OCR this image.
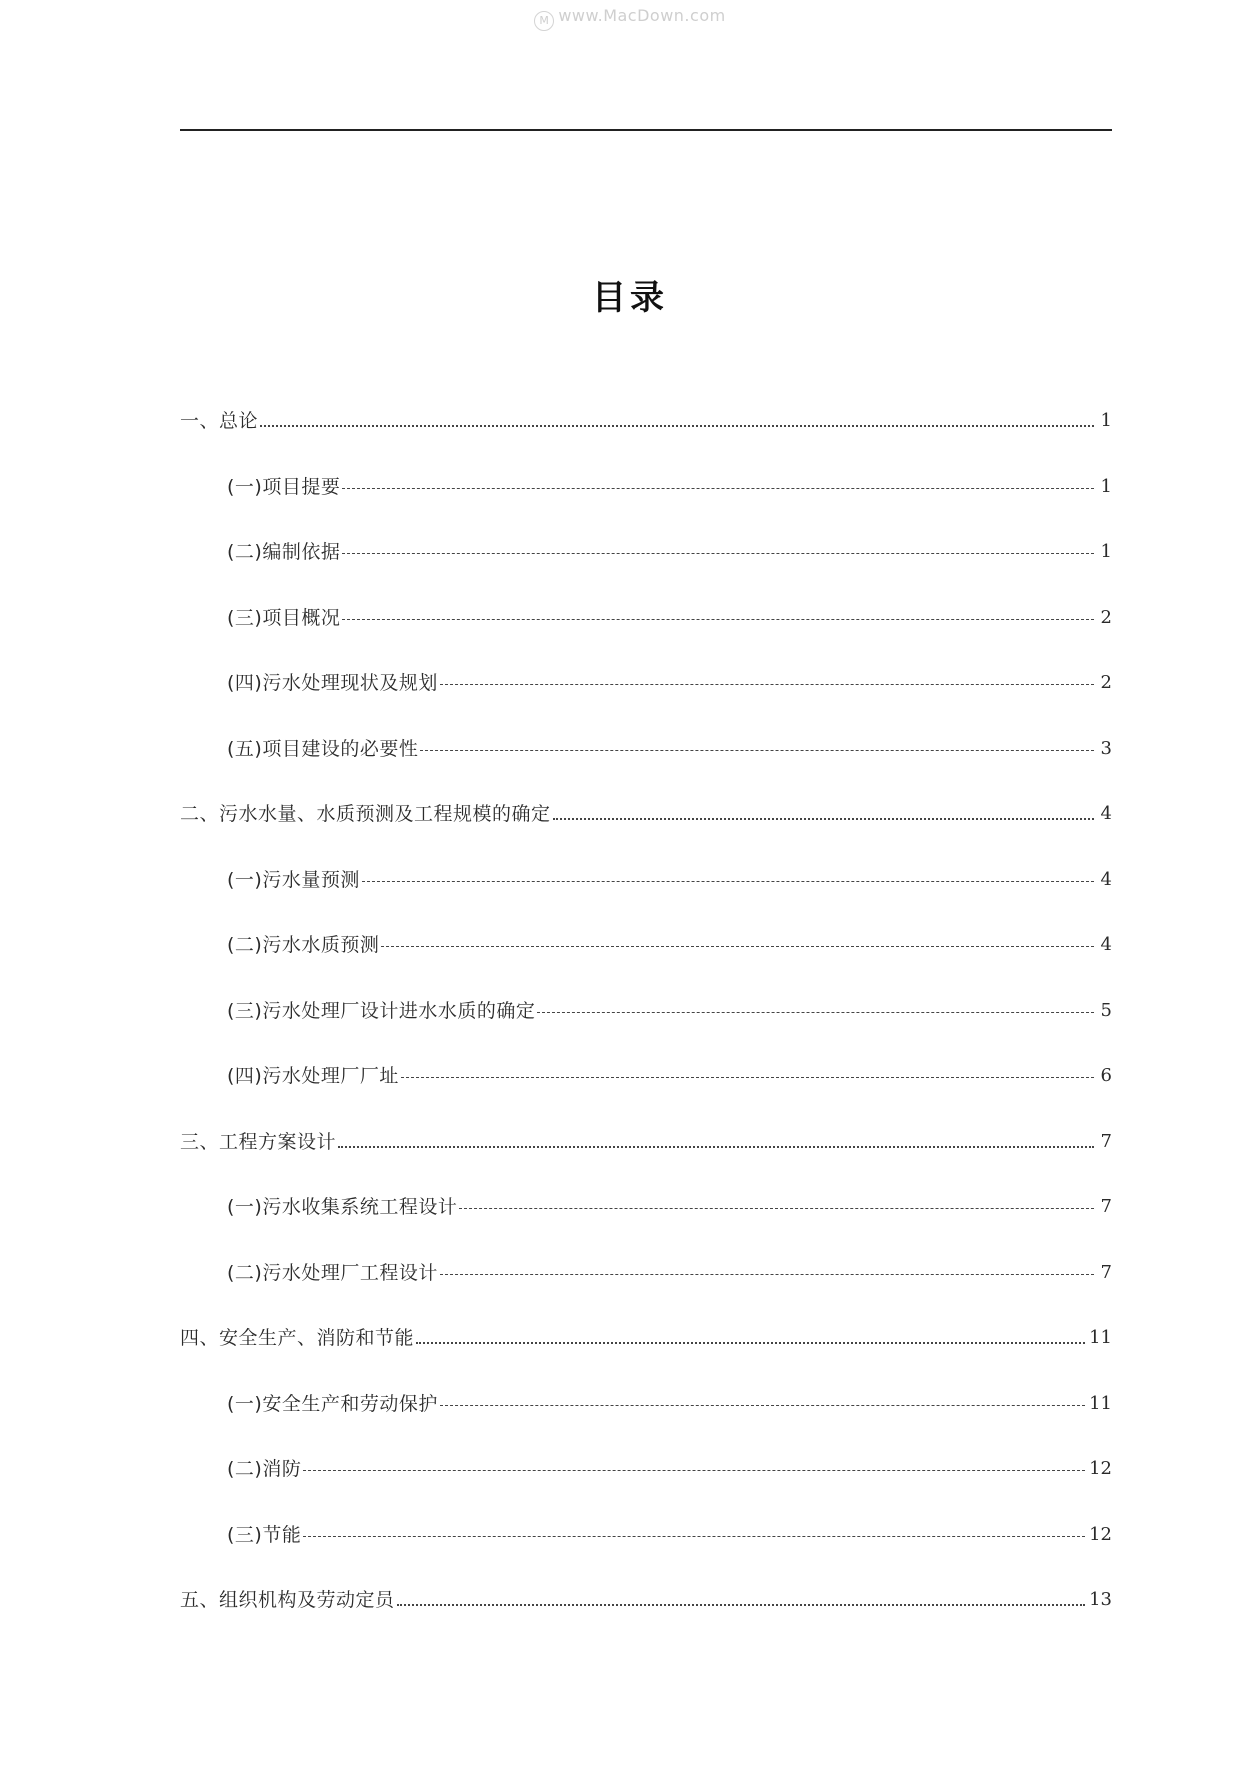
M www.MacDown.com
目录
一、总论	1
(一)项目提要	1
(二)编制依据	1
(三)项目概况	2
(四)污水处理现状及规划	2
(五)项目建设的必要性	3
二、污水水量、水质预测及工程规模的确定	4
(一)污水量预测	4
(二)污水水质预测	4
(三)污水处理厂设计进水水质的确定	5
(四)污水处理厂厂址	6
三、工程方案设计	7
(一)污水收集系统工程设计	7
(二)污水处理厂工程设计	7
四、安全生产、消防和节能	11
(一)安全生产和劳动保护	11
(二)消防	12
(三)节能	12
五、组织机构及劳动定员	13
